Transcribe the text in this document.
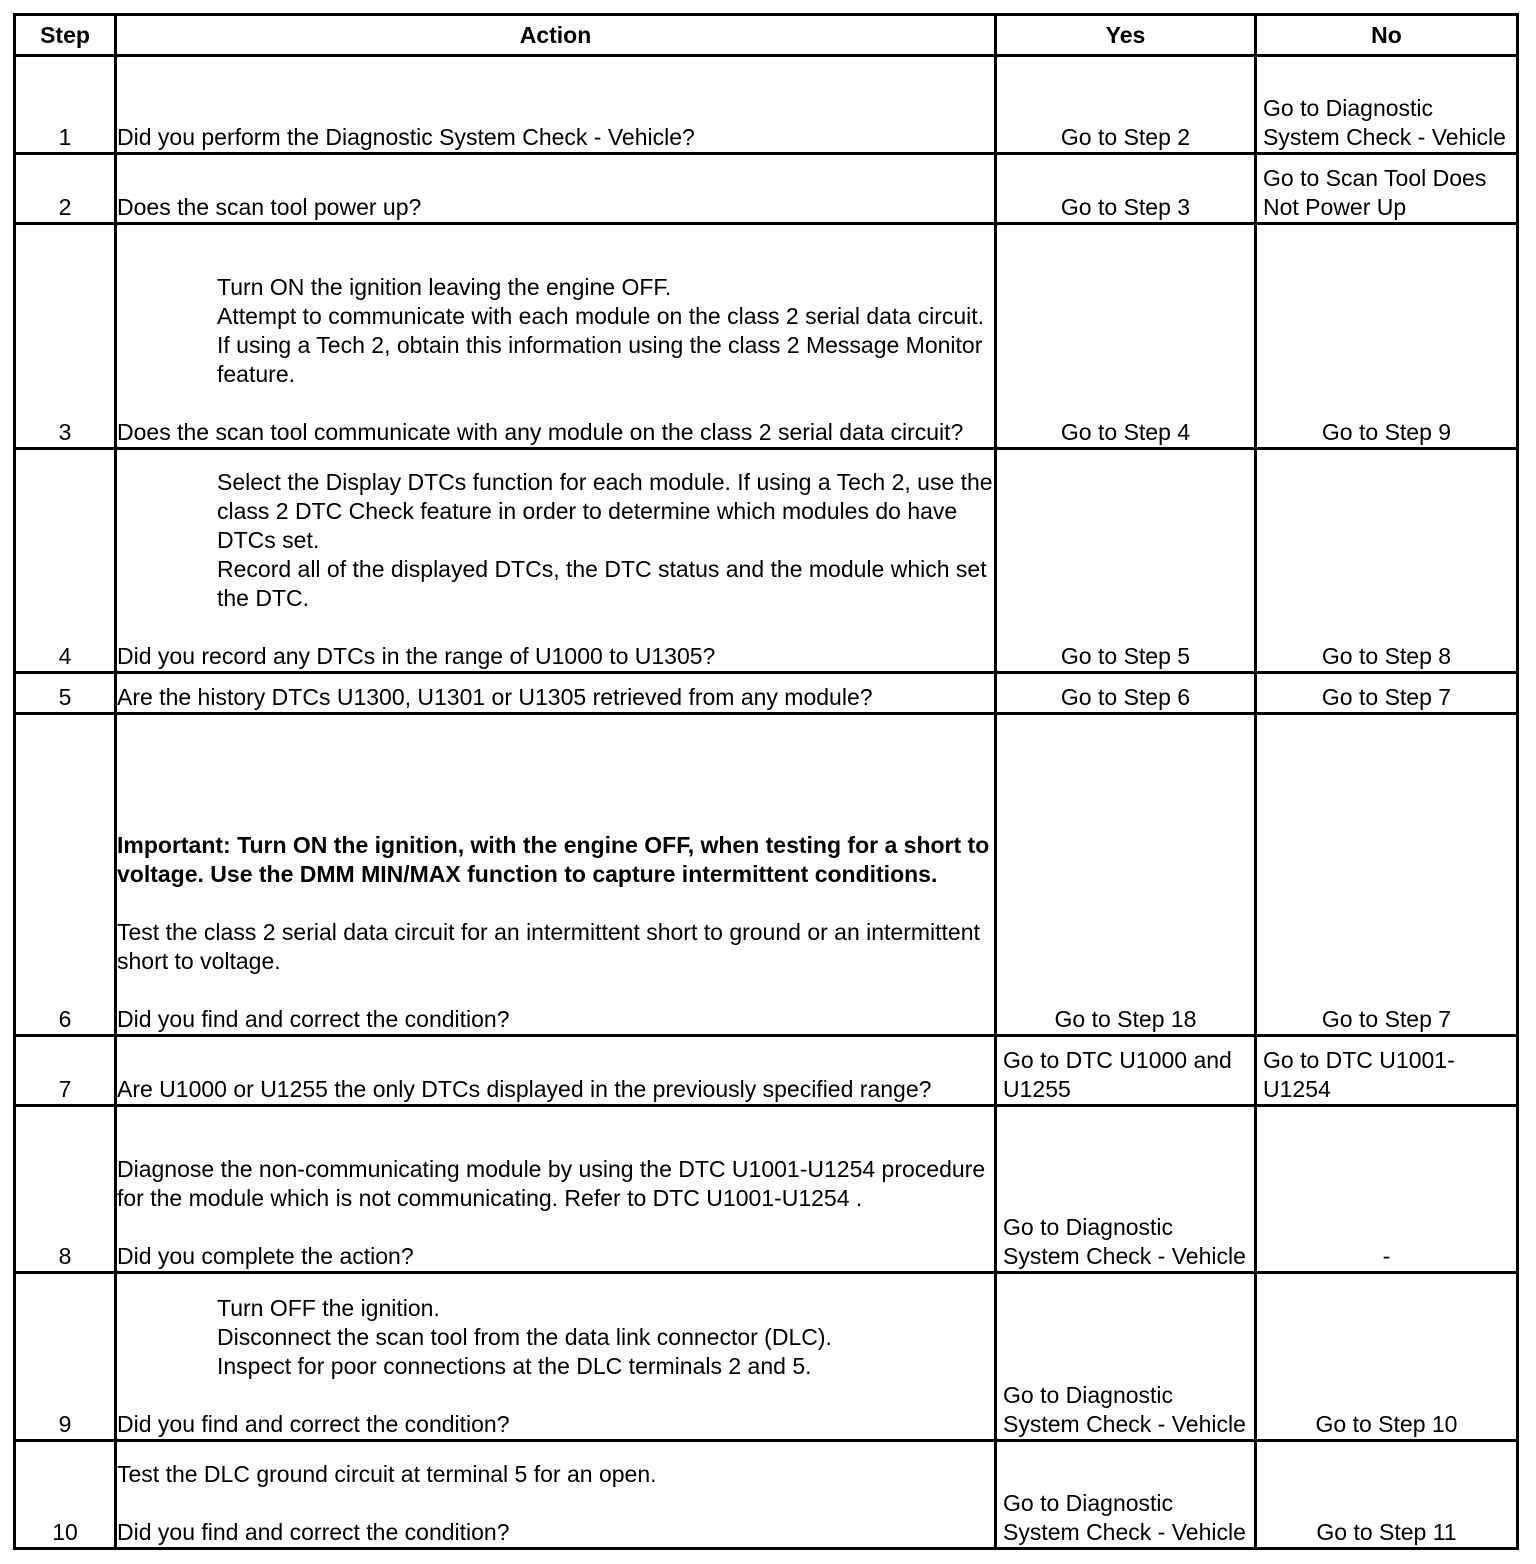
Step	Action	Yes	No
1	Did you perform the Diagnostic System Check - Vehicle?	Go to Step 2	Go to Diagnostic System Check - Vehicle
2	Does the scan tool power up?	Go to Step 3	Go to Scan Tool Does Not Power Up
3	Turn ON the ignition leaving the engine OFF.
Attempt to communicate with each module on the class 2 serial data circuit. If using a Tech 2, obtain this information using the class 2 Message Monitor feature.
Does the scan tool communicate with any module on the class 2 serial data circuit?	Go to Step 4	Go to Step 9
4	Select the Display DTCs function for each module. If using a Tech 2, use the class 2 DTC Check feature in order to determine which modules do have DTCs set.
Record all of the displayed DTCs, the DTC status and the module which set the DTC.
Did you record any DTCs in the range of U1000 to U1305?	Go to Step 5	Go to Step 8
5	Are the history DTCs U1300, U1301 or U1305 retrieved from any module?	Go to Step 6	Go to Step 7
6	Important: Turn ON the ignition, with the engine OFF, when testing for a short to voltage. Use the DMM MIN/MAX function to capture intermittent conditions.
Test the class 2 serial data circuit for an intermittent short to ground or an intermittent short to voltage.
Did you find and correct the condition?	Go to Step 18	Go to Step 7
7	Are U1000 or U1255 the only DTCs displayed in the previously specified range?	Go to DTC U1000 and U1255	Go to DTC U1001-U1254
8	Diagnose the non-communicating module by using the DTC U1001-U1254 procedure for the module which is not communicating. Refer to DTC U1001-U1254 .
Did you complete the action?	Go to Diagnostic System Check - Vehicle	-
9	Turn OFF the ignition.
Disconnect the scan tool from the data link connector (DLC).
Inspect for poor connections at the DLC terminals 2 and 5.
Did you find and correct the condition?	Go to Diagnostic System Check - Vehicle	Go to Step 10
10	Test the DLC ground circuit at terminal 5 for an open.
Did you find and correct the condition?	Go to Diagnostic System Check - Vehicle	Go to Step 11
